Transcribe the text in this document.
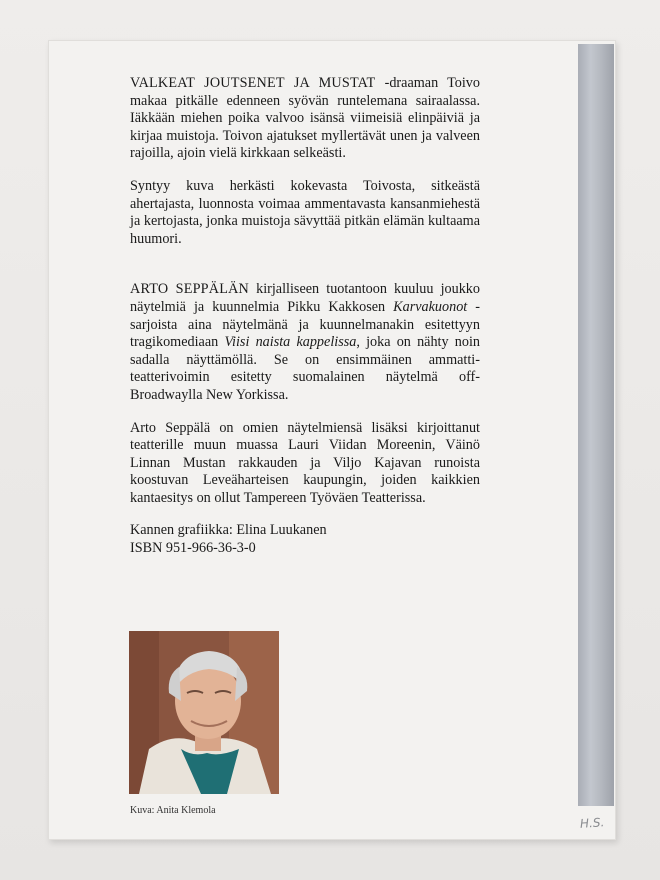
VALKEAT JOUTSENET JA MUSTAT -draaman Toivo makaa pitkälle edenneen syövän runtelemana sairaalassa. Iäkkään miehen poika valvoo isänsä viimeisiä elinpäiviä ja kirjaa muistoja. Toivon ajatukset myllertävät unen ja valveen rajoilla, ajoin vielä kirkkaan selkeästi.

Syntyy kuva herkästi kokevasta Toivosta, sitkeästä ahertajasta, luonnosta voimaa ammentavasta kansanmiehestä ja kertojasta, jonka muistoja sävyttää pitkän elämän kultaama huumori.

ARTO SEPPÄLÄN kirjalliseen tuotantoon kuuluu joukko näytelmiä ja kuunnelmia Pikku Kakkosen Karvakuonot -sarjoista aina näytelmänä ja kuunnelmanakin esitettyyn tragikomediaan Viisi naista kappelissa, joka on nähty noin sadalla näyttämöllä. Se on ensimmäinen ammattiteatterivoimin esitetty suomalainen näytelmä off-Broadwaylla New Yorkissa.

Arto Seppälä on omien näytelmiensä lisäksi kirjoittanut teatterille muun muassa Lauri Viidan Moreenin, Väinö Linnan Mustan rakkauden ja Viljo Kajavan runoista koostuvan Leveäharteisen kaupungin, joiden kaikkien kantaesitys on ollut Tampereen Työväen Teatterissa.

Kannen grafiikka: Elina Luukanen
ISBN 951-966-36-3-0

Kuva: Anita Klemola
H.S.
